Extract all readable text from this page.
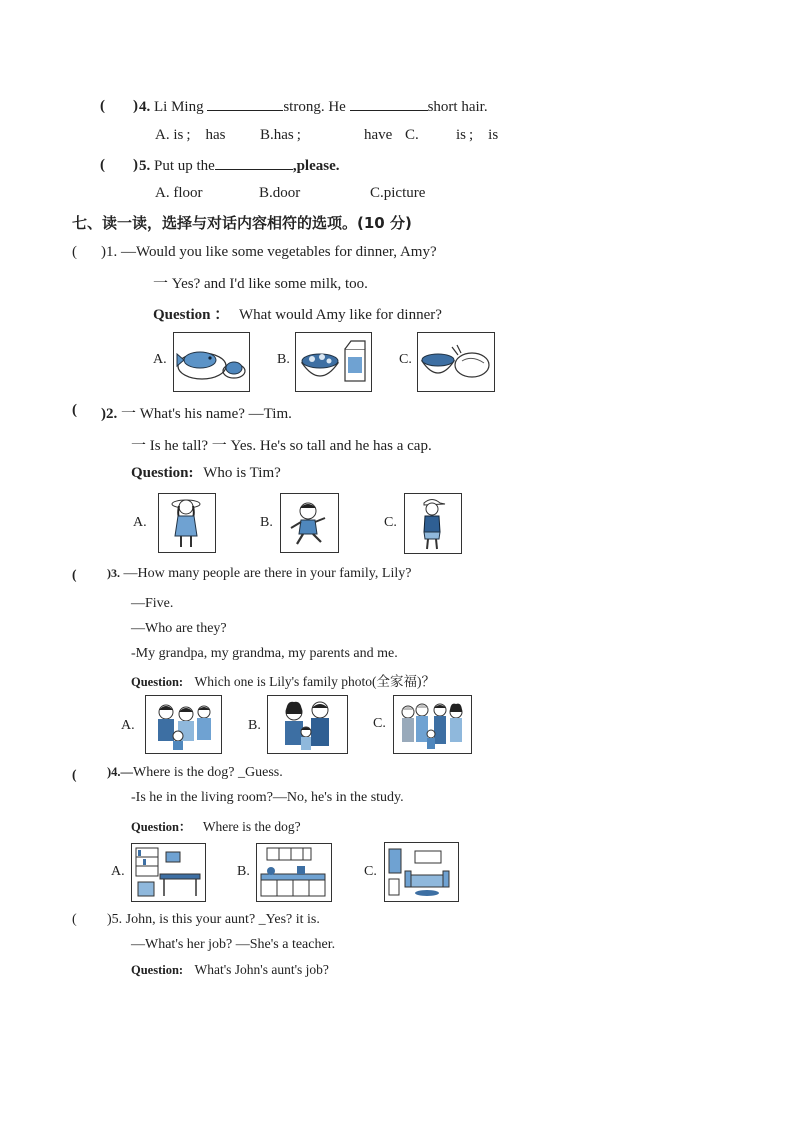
( ) 4. Li Ming	strong. He	short hair.
A. is ; has B.has ;	have C. is ; is
( ) 5. Put up the	,please.
A. floor	B.door	C.picture
七、读一读，选择与对话内容相符的选项。(10 分)
( )1. —Would you like some vegetables for dinner, Amy?
一 Yes? and I'd like some milk, too.
Question ： What would Amy like for dinner?
A.	B.	C.
( )2. 一 What's his name? —Tim.
一 Is he tall? 一 Yes. He's so tall and he has a cap.
Question: Who is Tim?
A.	B.	C.
(	)3. —How many people are there in your family, Lily?
—Five.
—Who are they?
-My grandpa, my grandma, my parents and me.
Question: Which one is Lily's family photo(全家福)？
A.	B.	C.
( )4.—Where is the dog? _Guess.
-Is he in the living room?—No, he's in the study.
Question： Where is the dog?
A.	B.	C.
( )5. John, is this your aunt? _Yes? it is.
—What's her job? —She's a teacher.
Question: What's John's aunt's job?
